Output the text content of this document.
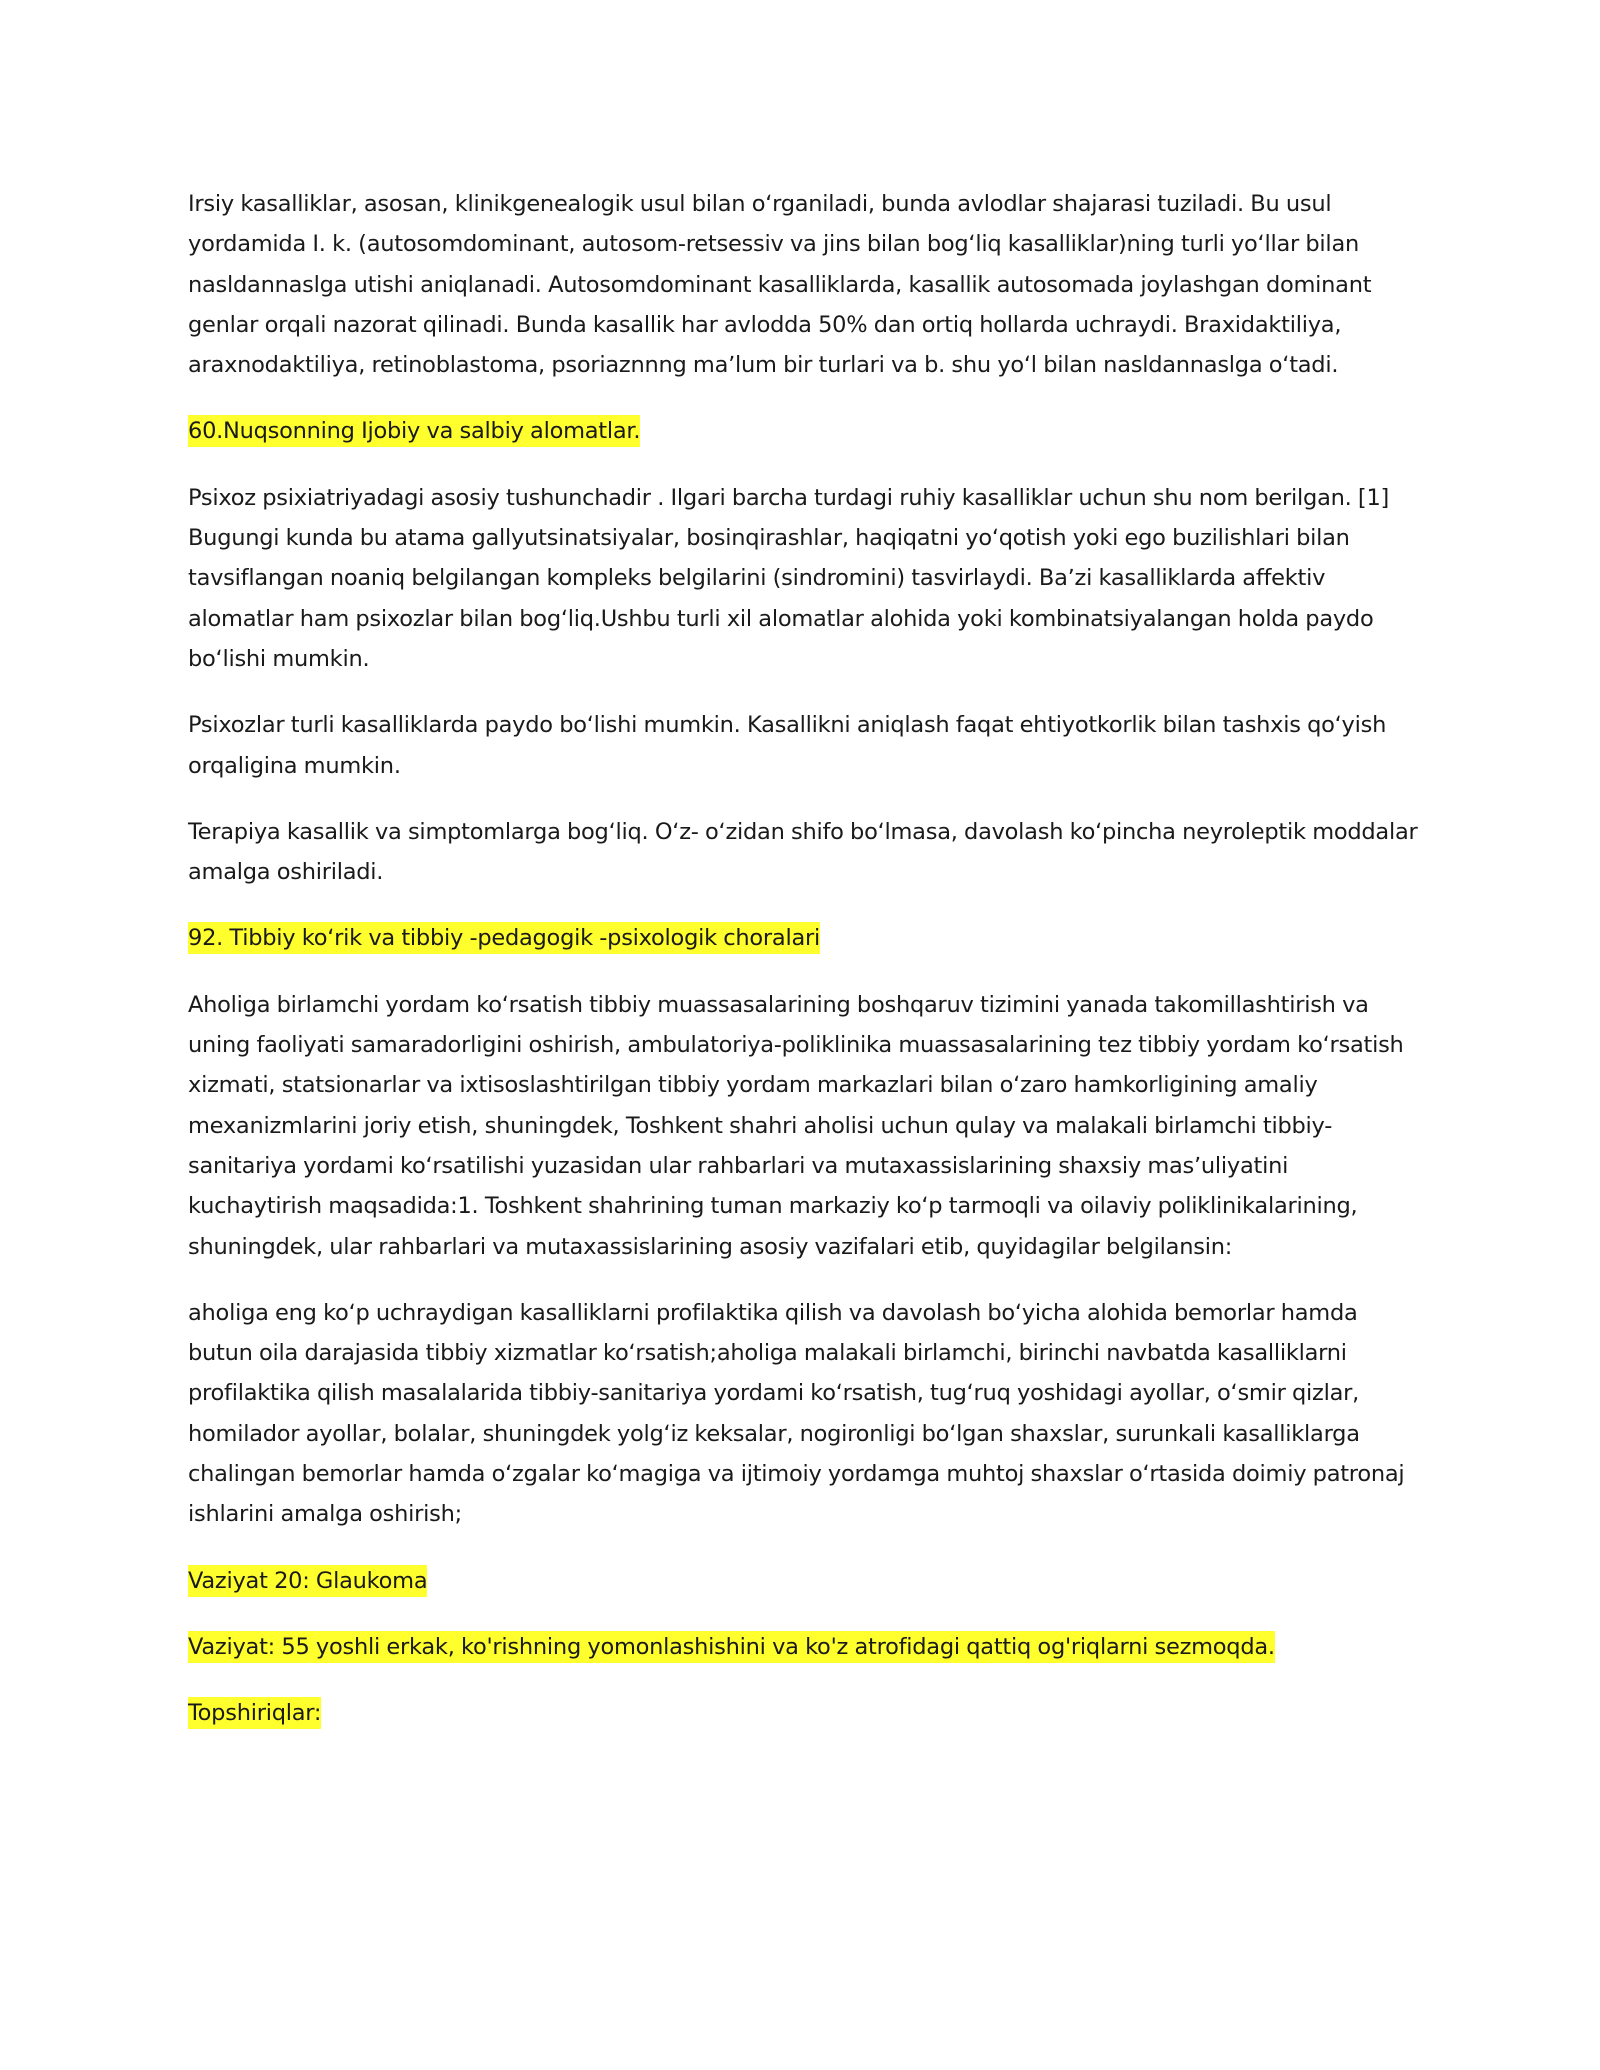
Irsiy kasalliklar, asosan, klinikgenealogik usul bilan oʻrganiladi, bunda avlodlar shajarasi tuziladi. Bu usul yordamida I. k. (autosomdominant, autosom-retsessiv va jins bilan bogʻliq kasalliklar)ning turli yoʻllar bilan nasldannaslga utishi aniqlanadi. Autosomdominant kasalliklarda, kasallik autosomada joylashgan dominant genlar orqali nazorat qilinadi. Bunda kasallik har avlodda 50% dan ortiq hollarda uchraydi. Braxidaktiliya, araxnodaktiliya, retinoblastoma, psoriaznnng maʼlum bir turlari va b. shu yoʻl bilan nasldannaslga oʻtadi.

60.Nuqsonning Ijobiy va salbiy alomatlar.

Psixoz psixiatriyadagi asosiy tushunchadir . Ilgari barcha turdagi ruhiy kasalliklar uchun shu nom berilgan. [1] Bugungi kunda bu atama gallyutsinatsiyalar, bosinqirashlar, haqiqatni yoʻqotish yoki ego buzilishlari bilan tavsiflangan noaniq belgilangan kompleks belgilarini (sindromini) tasvirlaydi. Baʼzi kasalliklarda affektiv alomatlar ham psixozlar bilan bogʻliq.Ushbu turli xil alomatlar alohida yoki kombinatsiyalangan holda paydo boʻlishi mumkin.

Psixozlar turli kasalliklarda paydo boʻlishi mumkin. Kasallikni aniqlash faqat ehtiyotkorlik bilan tashxis qoʻyish orqaligina mumkin.

Terapiya kasallik va simptomlarga bogʻliq. Oʻz- oʻzidan shifo boʻlmasa, davolash koʻpincha neyroleptik moddalar amalga oshiriladi.

92. Tibbiy koʻrik va tibbiy -pedagogik -psixologik choralari

Aholiga birlamchi yordam koʻrsatish tibbiy muassasalarining boshqaruv tizimini yanada takomillashtirish va uning faoliyati samaradorligini oshirish, ambulatoriya-poliklinika muassasalarining tez tibbiy yordam koʻrsatish xizmati, statsionarlar va ixtisoslashtirilgan tibbiy yordam markazlari bilan oʻzaro hamkorligining amaliy mexanizmlarini joriy etish, shuningdek, Toshkent shahri aholisi uchun qulay va malakali birlamchi tibbiy-sanitariya yordami koʻrsatilishi yuzasidan ular rahbarlari va mutaxassislarining shaxsiy masʼuliyatini kuchaytirish maqsadida:1. Toshkent shahrining tuman markaziy koʻp tarmoqli va oilaviy poliklinikalarining, shuningdek, ular rahbarlari va mutaxassislarining asosiy vazifalari etib, quyidagilar belgilansin:

aholiga eng koʻp uchraydigan kasalliklarni profilaktika qilish va davolash boʻyicha alohida bemorlar hamda butun oila darajasida tibbiy xizmatlar koʻrsatish;aholiga malakali birlamchi, birinchi navbatda kasalliklarni profilaktika qilish masalalarida tibbiy-sanitariya yordami koʻrsatish, tugʻruq yoshidagi ayollar, oʻsmir qizlar, homilador ayollar, bolalar, shuningdek yolgʻiz keksalar, nogironligi boʻlgan shaxslar, surunkali kasalliklarga chalingan bemorlar hamda oʻzgalar koʻmagiga va ijtimoiy yordamga muhtoj shaxslar oʻrtasida doimiy patronaj ishlarini amalga oshirish;

Vaziyat 20: Glaukoma

Vaziyat: 55 yoshli erkak, ko'rishning yomonlashishini va ko'z atrofidagi qattiq og'riqlarni sezmoqda.

Topshiriqlar:
